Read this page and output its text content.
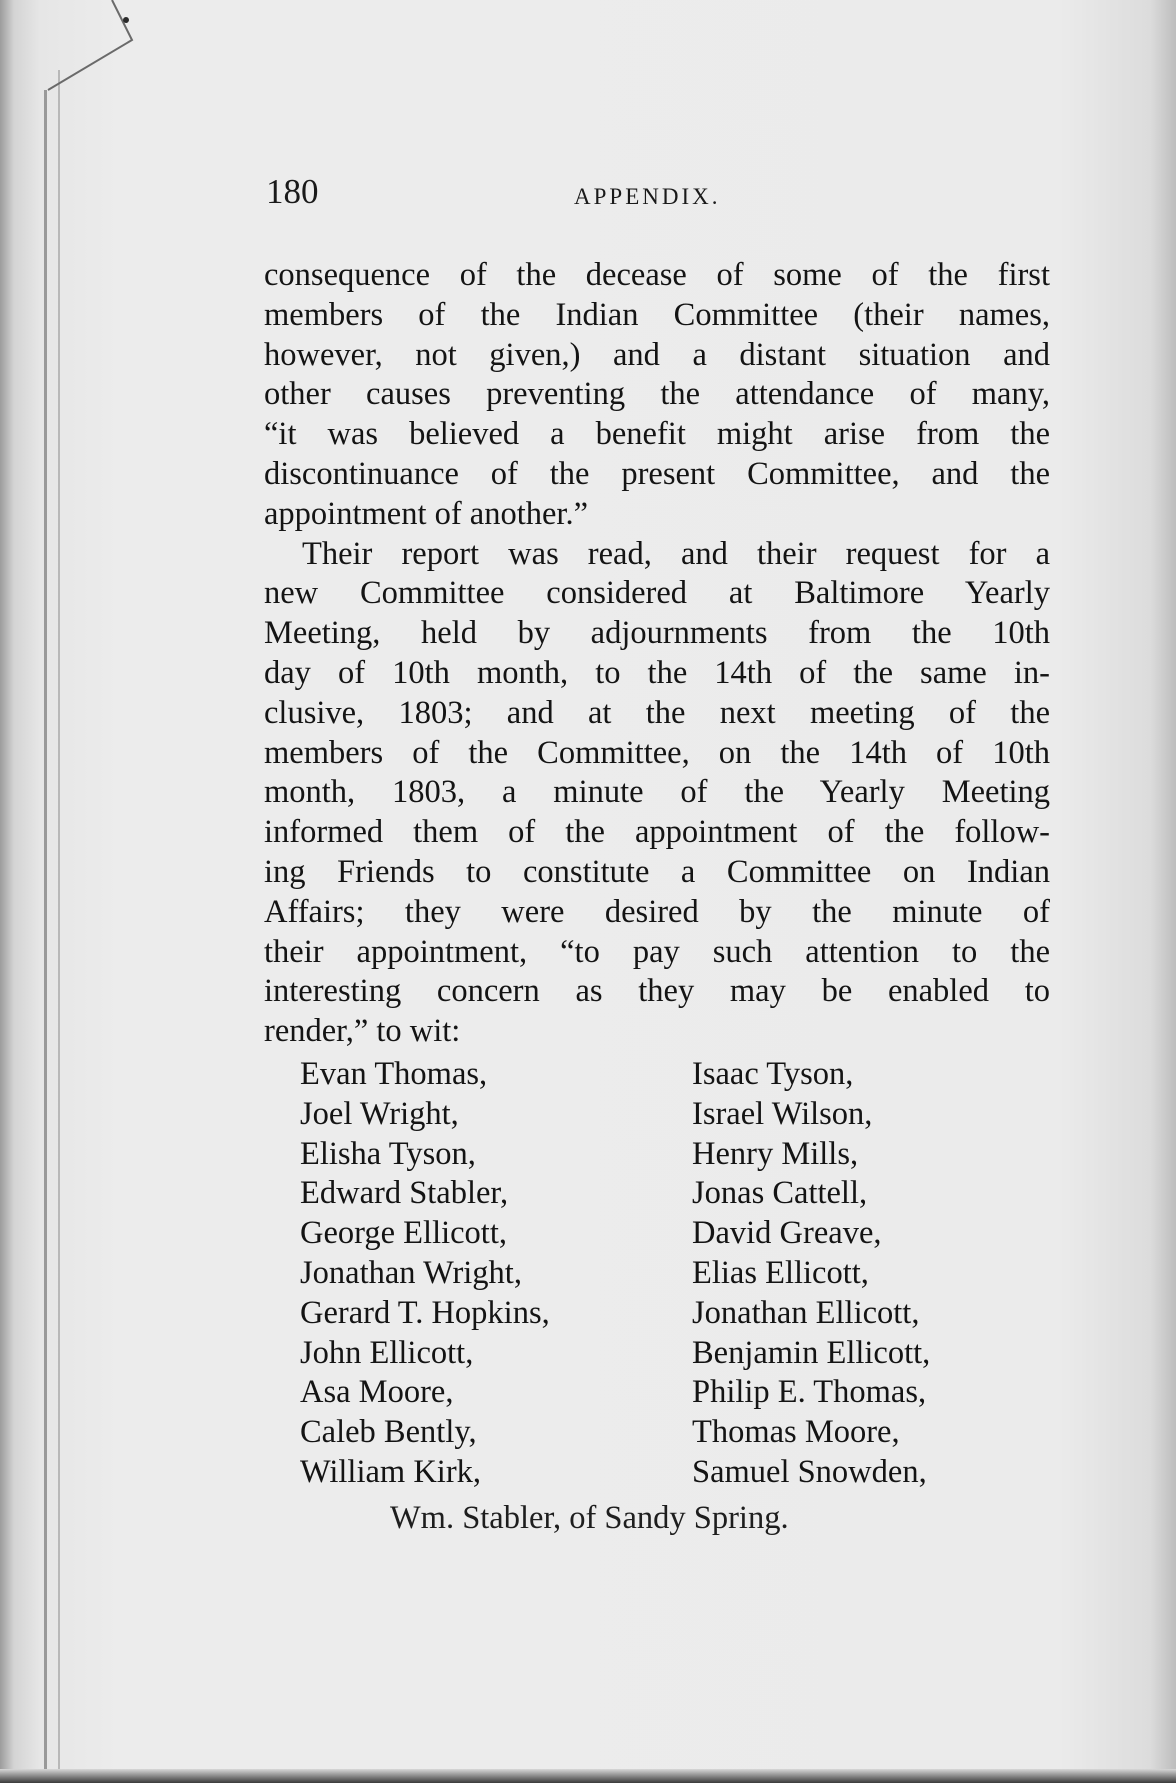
180	APPENDIX.
consequence of the decease of some of the first
members of the Indian Committee (their names,
however, not given,) and a distant situation and
other causes preventing the attendance of many,
“it was believed a benefit might arise from the
discontinuance of the present Committee, and the
appointment of another.”
Their report was read, and their request for a
new Committee considered at Baltimore Yearly
Meeting, held by adjournments from the 10th
day of 10th month, to the 14th of the same in-
clusive, 1803; and at the next meeting of the
members of the Committee, on the 14th of 10th
month, 1803, a minute of the Yearly Meeting
informed them of the appointment of the follow-
ing Friends to constitute a Committee on Indian
Affairs; they were desired by the minute of
their appointment, “to pay such attention to the
interesting concern as they may be enabled to
render,” to wit:
Evan Thomas,	Isaac Tyson,
Joel Wright,	Israel Wilson,
Elisha Tyson,	Henry Mills,
Edward Stabler,	Jonas Cattell,
George Ellicott,	David Greave,
Jonathan Wright,	Elias Ellicott,
Gerard T. Hopkins,	Jonathan Ellicott,
John Ellicott,	Benjamin Ellicott,
Asa Moore,	Philip E. Thomas,
Caleb Bently,	Thomas Moore,
William Kirk,	Samuel Snowden,
Wm. Stabler, of Sandy Spring.
